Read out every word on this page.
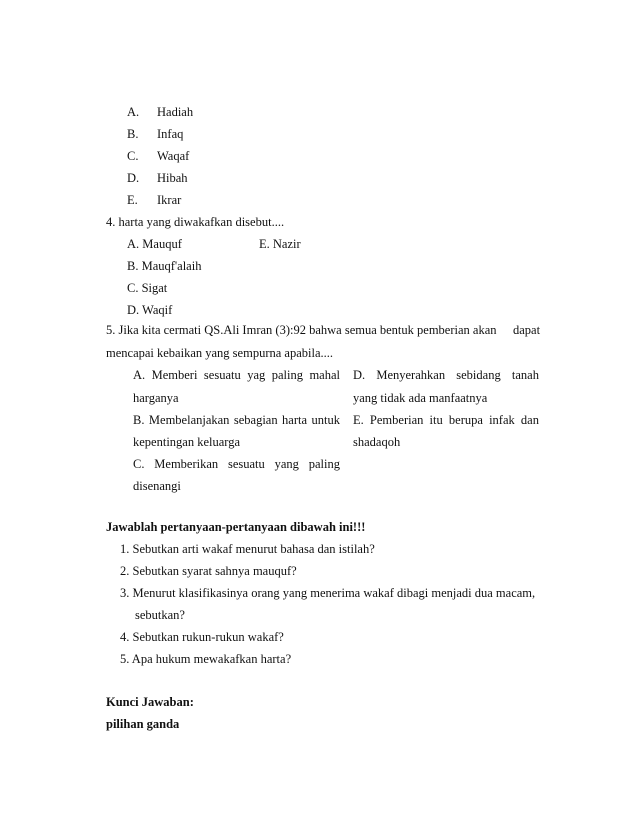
A. Hadiah
B. Infaq
C. Waqaf
D. Hibah
E. Ikrar
4. harta yang diwakafkan disebut....
A. Mauquf	E. Nazir
B. Mauqf'alaih
C. Sigat
D. Waqif
5. Jika kita cermati QS.Ali Imran (3):92 bahwa semua bentuk pemberian akan dapat
mencapai kebaikan yang sempurna apabila....
A. Memberi sesuatu yag paling mahal
harganya
D. Menyerahkan sebidang tanah
yang tidak ada manfaatnya
B. Membelanjakan sebagian harta untuk
kepentingan keluarga
E. Pemberian itu berupa infak dan
shadaqoh
C. Memberikan sesuatu yang paling
disenangi
Jawablah pertanyaan-pertanyaan dibawah ini!!!
1. Sebutkan arti wakaf menurut bahasa dan istilah?
2. Sebutkan syarat sahnya mauquf?
3. Menurut klasifikasinya orang yang menerima wakaf dibagi menjadi dua macam,
sebutkan?
4. Sebutkan rukun-rukun wakaf?
5. Apa hukum mewakafkan harta?
Kunci Jawaban:
pilihan ganda
